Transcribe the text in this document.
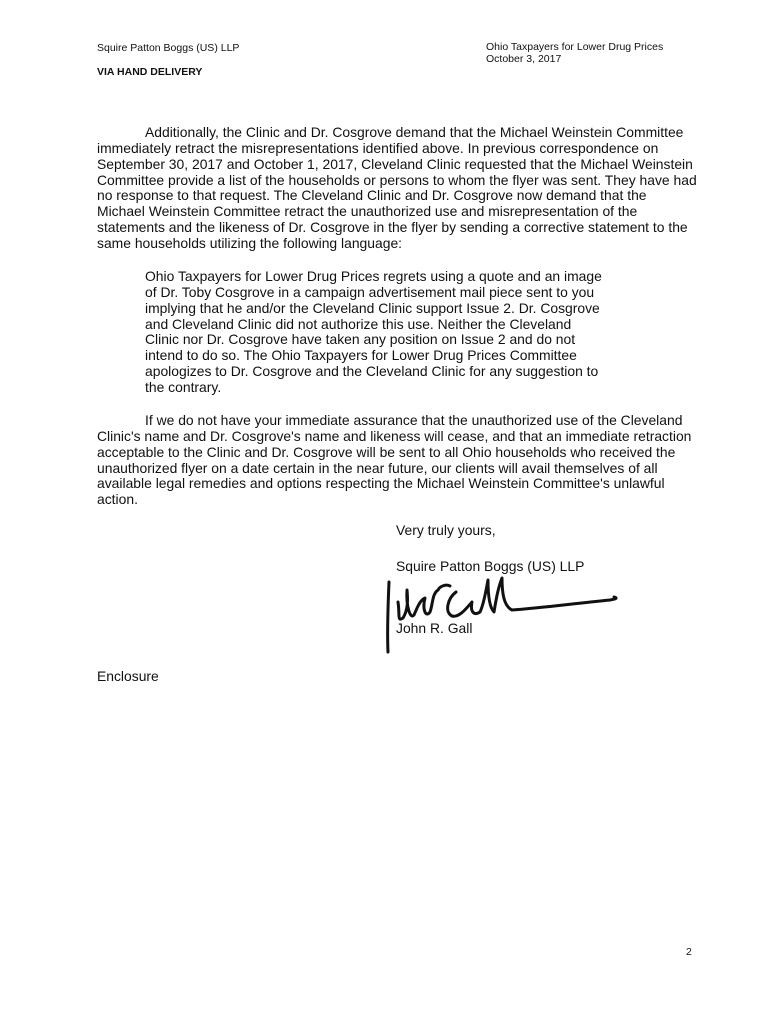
Squire Patton Boggs (US) LLP
VIA HAND DELIVERY
Ohio Taxpayers for Lower Drug Prices
October 3, 2017

Additionally, the Clinic and Dr. Cosgrove demand that the Michael Weinstein Committee immediately retract the misrepresentations identified above. In previous correspondence on September 30, 2017 and October 1, 2017, Cleveland Clinic requested that the Michael Weinstein Committee provide a list of the households or persons to whom the flyer was sent. They have had no response to that request. The Cleveland Clinic and Dr. Cosgrove now demand that the Michael Weinstein Committee retract the unauthorized use and misrepresentation of the statements and the likeness of Dr. Cosgrove in the flyer by sending a corrective statement to the same households utilizing the following language:

Ohio Taxpayers for Lower Drug Prices regrets using a quote and an image of Dr. Toby Cosgrove in a campaign advertisement mail piece sent to you implying that he and/or the Cleveland Clinic support Issue 2. Dr. Cosgrove and Cleveland Clinic did not authorize this use. Neither the Cleveland Clinic nor Dr. Cosgrove have taken any position on Issue 2 and do not intend to do so. The Ohio Taxpayers for Lower Drug Prices Committee apologizes to Dr. Cosgrove and the Cleveland Clinic for any suggestion to the contrary.

If we do not have your immediate assurance that the unauthorized use of the Cleveland Clinic's name and Dr. Cosgrove's name and likeness will cease, and that an immediate retraction acceptable to the Clinic and Dr. Cosgrove will be sent to all Ohio households who received the unauthorized flyer on a date certain in the near future, our clients will avail themselves of all available legal remedies and options respecting the Michael Weinstein Committee's unlawful action.

Very truly yours,
Squire Patton Boggs (US) LLP
John R. Gall
Enclosure
2
